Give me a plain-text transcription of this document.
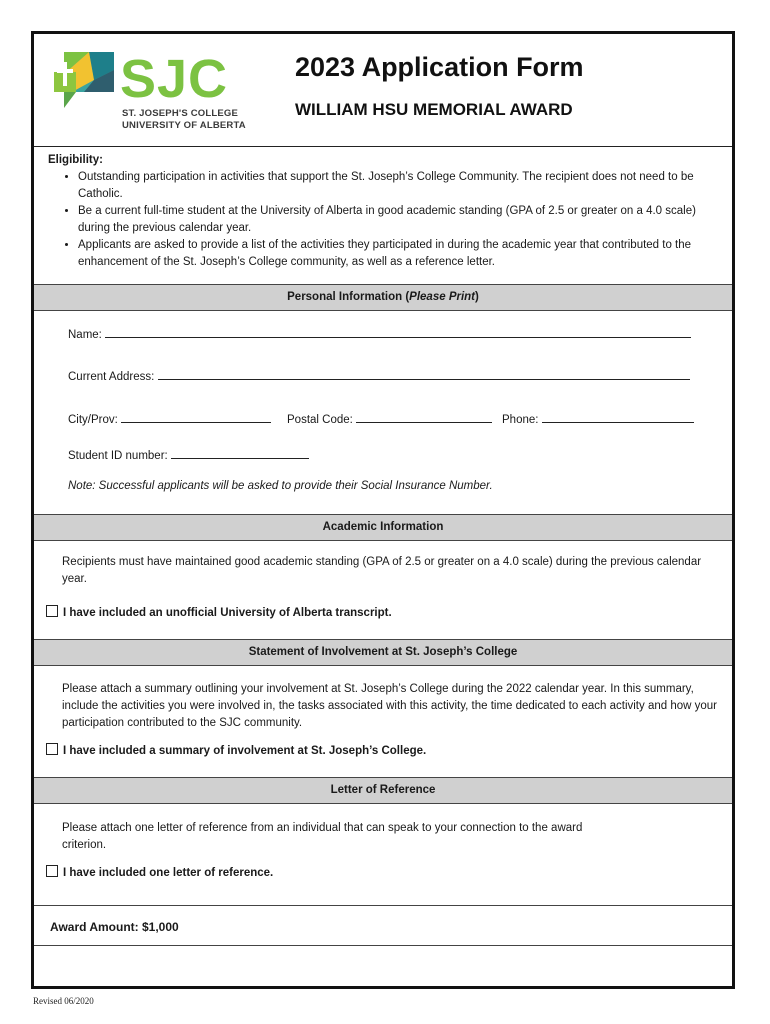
SJC
ST. JOSEPH'S COLLEGE
UNIVERSITY OF ALBERTA
2023 Application Form
WILLIAM HSU MEMORIAL AWARD
Eligibility:
• Outstanding participation in activities that support the St. Joseph’s College Community. The recipient does not need to be Catholic.
• Be a current full-time student at the University of Alberta in good academic standing (GPA of 2.5 or greater on a 4.0 scale) during the previous calendar year.
• Applicants are asked to provide a list of the activities they participated in during the academic year that contributed to the enhancement of the St. Joseph’s College community, as well as a reference letter.
Personal Information (Please Print)
Name:
Current Address:
City/Prov:	Postal Code:	Phone:
Student ID number:
Note: Successful applicants will be asked to provide their Social Insurance Number.
Academic Information
Recipients must have maintained good academic standing (GPA of 2.5 or greater on a 4.0 scale) during the previous calendar year.
I have included an unofficial University of Alberta transcript.
Statement of Involvement at St. Joseph’s College
Please attach a summary outlining your involvement at St. Joseph’s College during the 2022 calendar year. In this summary, include the activities you were involved in, the tasks associated with this activity, the time dedicated to each activity and how your participation contributed to the SJC community.
I have included a summary of involvement at St. Joseph’s College.
Letter of Reference
Please attach one letter of reference from an individual that can speak to your connection to the award criterion.
I have included one letter of reference.
Award Amount: $1,000
Revised 06/2020
